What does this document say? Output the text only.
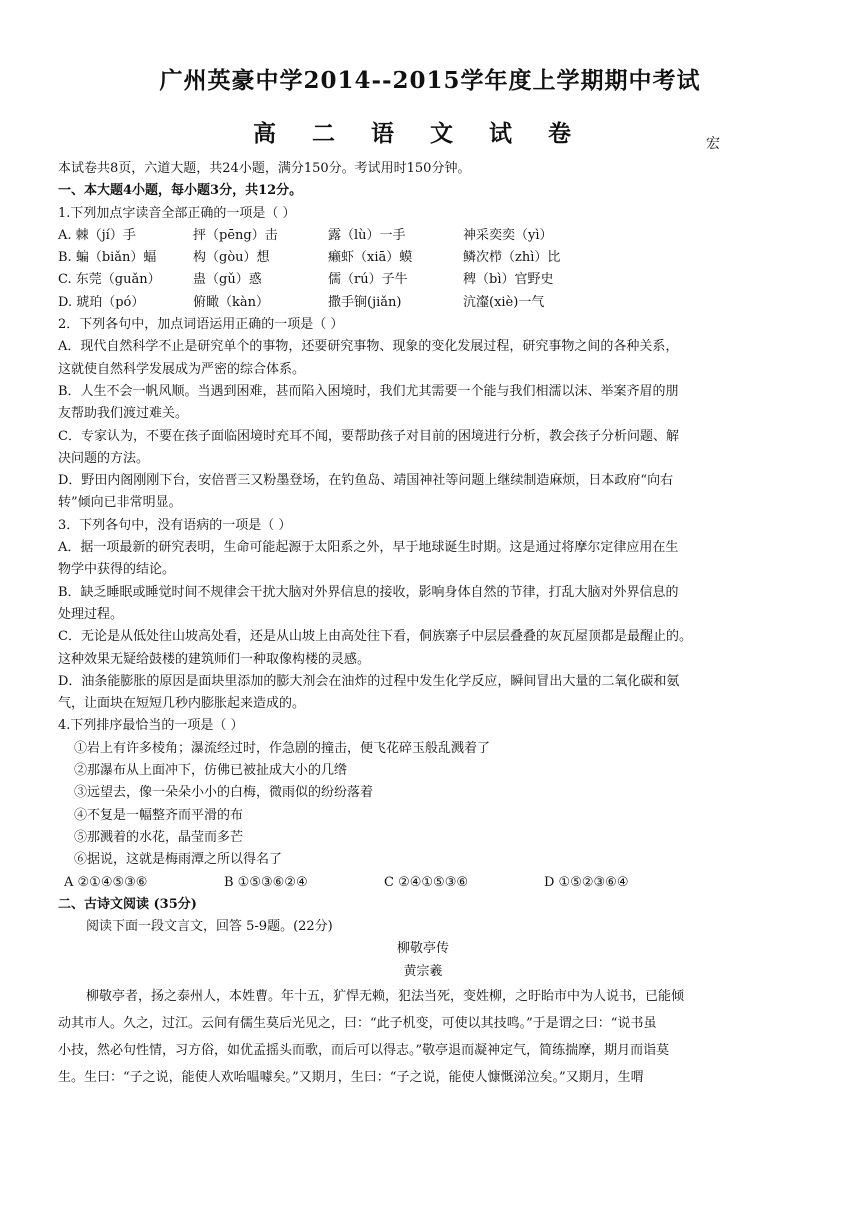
广州英豪中学2014--2015学年度上学期期中考试
高二语文试卷	宏
本试卷共8页，六道大题，共24小题，满分150分。考试用时150分钟。
一、本大题4小题，每小题3分，共12分。
1.下列加点字读音全部正确的一项是（ ）
A. 棘（jí）手	抨（pēng）击	露（lù）一手	神采奕奕（yì）
B. 蝙（biǎn）蝠	构（gòu）想	癞虾（xiā）蟆	鳞次栉（zhì）比
C. 东莞（guǎn）	蛊（gǔ）惑	儒（rú）子牛	稗（bì）官野史
D. 琥珀（pó）	俯瞰（kàn）	撒手锏(jiǎn)	沆瀣(xiè)一气
2．下列各句中，加点词语运用正确的一项是（ ）
A．现代自然科学不止是研究单个的事物，还要研究事物、现象的变化发展过程，研究事物之间的各种关系，
这就使自然科学发展成为严密的综合体系。
B．人生不会一帆风顺。当遇到困难，甚而陷入困境时，我们尤其需要一个能与我们相濡以沫、举案齐眉的朋
友帮助我们渡过难关。
C．专家认为，不要在孩子面临困境时充耳不闻，要帮助孩子对目前的困境进行分析，教会孩子分析问题、解
决问题的方法。
D．野田内阁刚刚下台，安倍晋三又粉墨登场，在钓鱼岛、靖国神社等问题上继续制造麻烦，日本政府“向右
转”倾向已非常明显。
3．下列各句中，没有语病的一项是（ ）
A．据一项最新的研究表明，生命可能起源于太阳系之外，早于地球诞生时期。这是通过将摩尔定律应用在生
物学中获得的结论。
B．缺乏睡眠或睡觉时间不规律会干扰大脑对外界信息的接收，影响身体自然的节律，打乱大脑对外界信息的
处理过程。
C．无论是从低处往山坡高处看，还是从山坡上由高处往下看，侗族寨子中层层叠叠的灰瓦屋顶都是最醒止的。
这种效果无疑给鼓楼的建筑师们一种取像构楼的灵感。
D．油条能膨胀的原因是面块里添加的膨大剂会在油炸的过程中发生化学反应，瞬间冒出大量的二氧化碳和氨
气，让面块在短短几秒内膨胀起来造成的。
4.下列排序最恰当的一项是（ ）
①岩上有许多棱角；瀑流经过时，作急剧的撞击，便飞花碎玉般乱溅着了
②那瀑布从上面冲下，仿佛已被扯成大小的几绺
③远望去，像一朵朵小小的白梅，微雨似的纷纷落着
④不复是一幅整齐而平滑的布
⑤那溅着的水花，晶莹而多芒
⑥据说，这就是梅雨潭之所以得名了
A ②①④⑤③⑥	B ①⑤③⑥②④	C ②④①⑤③⑥	D ①⑤②③⑥④
二、古诗文阅读 (35分)
阅读下面一段文言文，回答 5-9题。(22分)
柳敬亭传
黄宗羲
柳敬亭者，扬之泰州人，本姓曹。年十五，犷悍无赖，犯法当死，变姓柳，之盱眙市中为人说书，已能倾
动其市人。久之，过江。云间有儒生莫后光见之，曰：“此子机变，可使以其技鸣。”于是谓之曰：“说书虽
小技，然必句性情，习方俗，如优孟摇头而歌，而后可以得志。”敬亭退而凝神定气，简练揣摩，期月而诣莫
生。生曰：“子之说，能使人欢咍嗢噱矣。”又期月，生曰：“子之说，能使人慷慨涕泣矣。”又期月，生喟
